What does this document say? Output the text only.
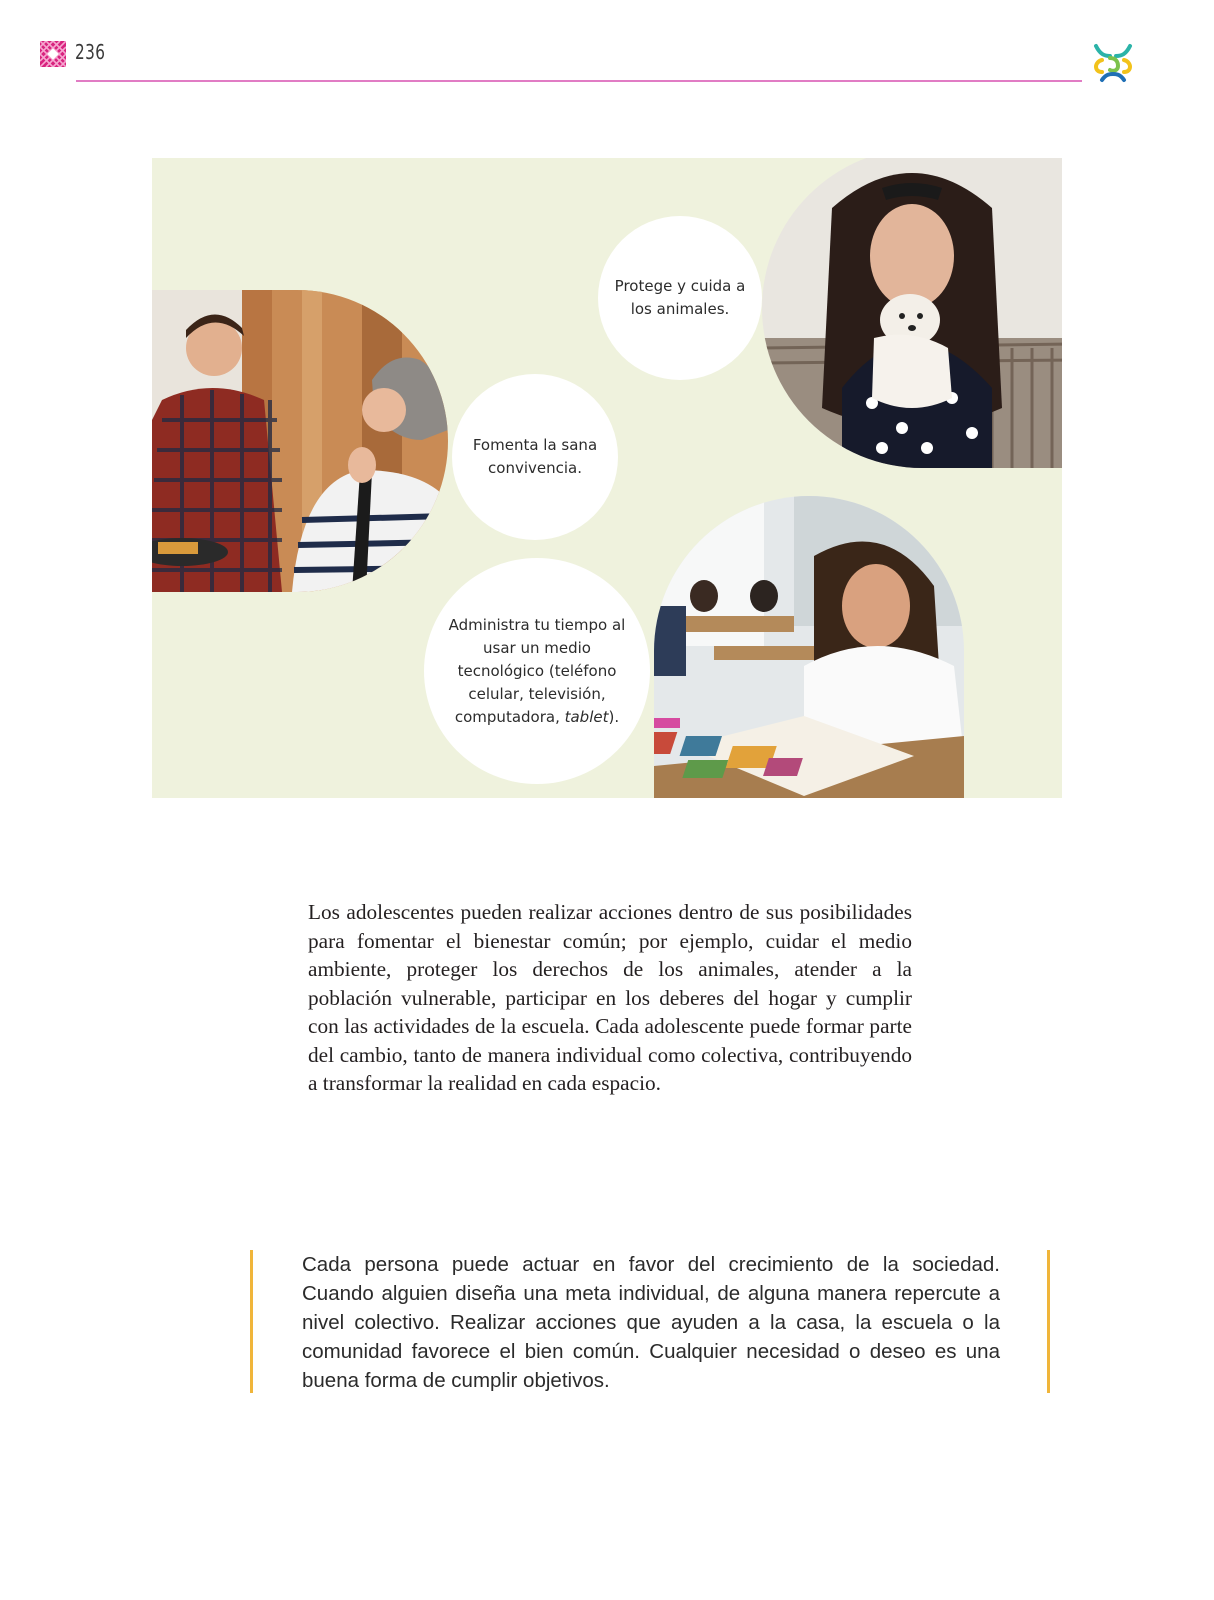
236
Protege y cuida a los animales.
Fomenta la sana convivencia.
Administra tu tiempo al usar un medio tecnológico (teléfono celular, televisión, computadora, tablet).

Los adolescentes pueden realizar acciones dentro de sus posibilidades para fomentar el bienestar común; por ejemplo, cuidar el medio ambiente, proteger los derechos de los animales, atender a la población vulnerable, participar en los deberes del hogar y cumplir con las actividades de la escuela. Cada adolescente puede formar parte del cambio, tanto de manera individual como colectiva, contribuyendo a transformar la realidad en cada espacio.

Cada persona puede actuar en favor del crecimiento de la sociedad. Cuando alguien diseña una meta individual, de alguna manera repercute a nivel colectivo. Realizar acciones que ayuden a la casa, la escuela o la comunidad favorece el bien común. Cualquier necesidad o deseo es una buena forma de cumplir objetivos.
